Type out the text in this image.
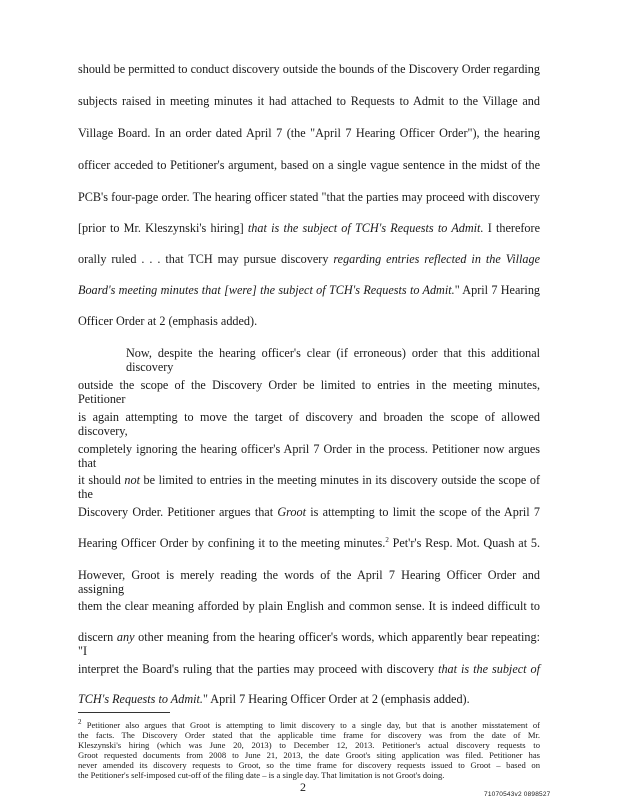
should be permitted to conduct discovery outside the bounds of the Discovery Order regarding
subjects raised in meeting minutes it had attached to Requests to Admit to the Village and
Village Board. In an order dated April 7 (the "April 7 Hearing Officer Order"), the hearing
officer acceded to Petitioner's argument, based on a single vague sentence in the midst of the
PCB's four-page order. The hearing officer stated "that the parties may proceed with discovery
[prior to Mr. Kleszynski's hiring] that is the subject of TCH's Requests to Admit. I therefore
orally ruled . . . that TCH may pursue discovery regarding entries reflected in the Village
Board's meeting minutes that [were] the subject of TCH's Requests to Admit." April 7 Hearing
Officer Order at 2 (emphasis added).
Now, despite the hearing officer's clear (if erroneous) order that this additional discovery
outside the scope of the Discovery Order be limited to entries in the meeting minutes, Petitioner
is again attempting to move the target of discovery and broaden the scope of allowed discovery,
completely ignoring the hearing officer's April 7 Order in the process. Petitioner now argues that
it should not be limited to entries in the meeting minutes in its discovery outside the scope of the
Discovery Order. Petitioner argues that Groot is attempting to limit the scope of the April 7
Hearing Officer Order by confining it to the meeting minutes.$^2$ Pet'r's Resp. Mot. Quash at 5.
However, Groot is merely reading the words of the April 7 Hearing Officer Order and assigning
them the clear meaning afforded by plain English and common sense. It is indeed difficult to
discern any other meaning from the hearing officer's words, which apparently bear repeating: "I
interpret the Board's ruling that the parties may proceed with discovery that is the subject of
TCH's Requests to Admit." April 7 Hearing Officer Order at 2 (emphasis added).
$^2$ Petitioner also argues that Groot is attempting to limit discovery to a single day, but that is another misstatement of
the facts. The Discovery Order stated that the applicable time frame for discovery was from the date of Mr.
Kleszynski's hiring (which was June 20, 2013) to December 12, 2013. Petitioner's actual discovery requests to
Groot requested documents from 2008 to June 21, 2013, the date Groot's siting application was filed. Petitioner has
never amended its discovery requests to Groot, so the time frame for discovery requests issued to Groot – based on
the Petitioner's self-imposed cut-off of the filing date – is a single day. That limitation is not Groot's doing.
2
71070543v2 0898527
